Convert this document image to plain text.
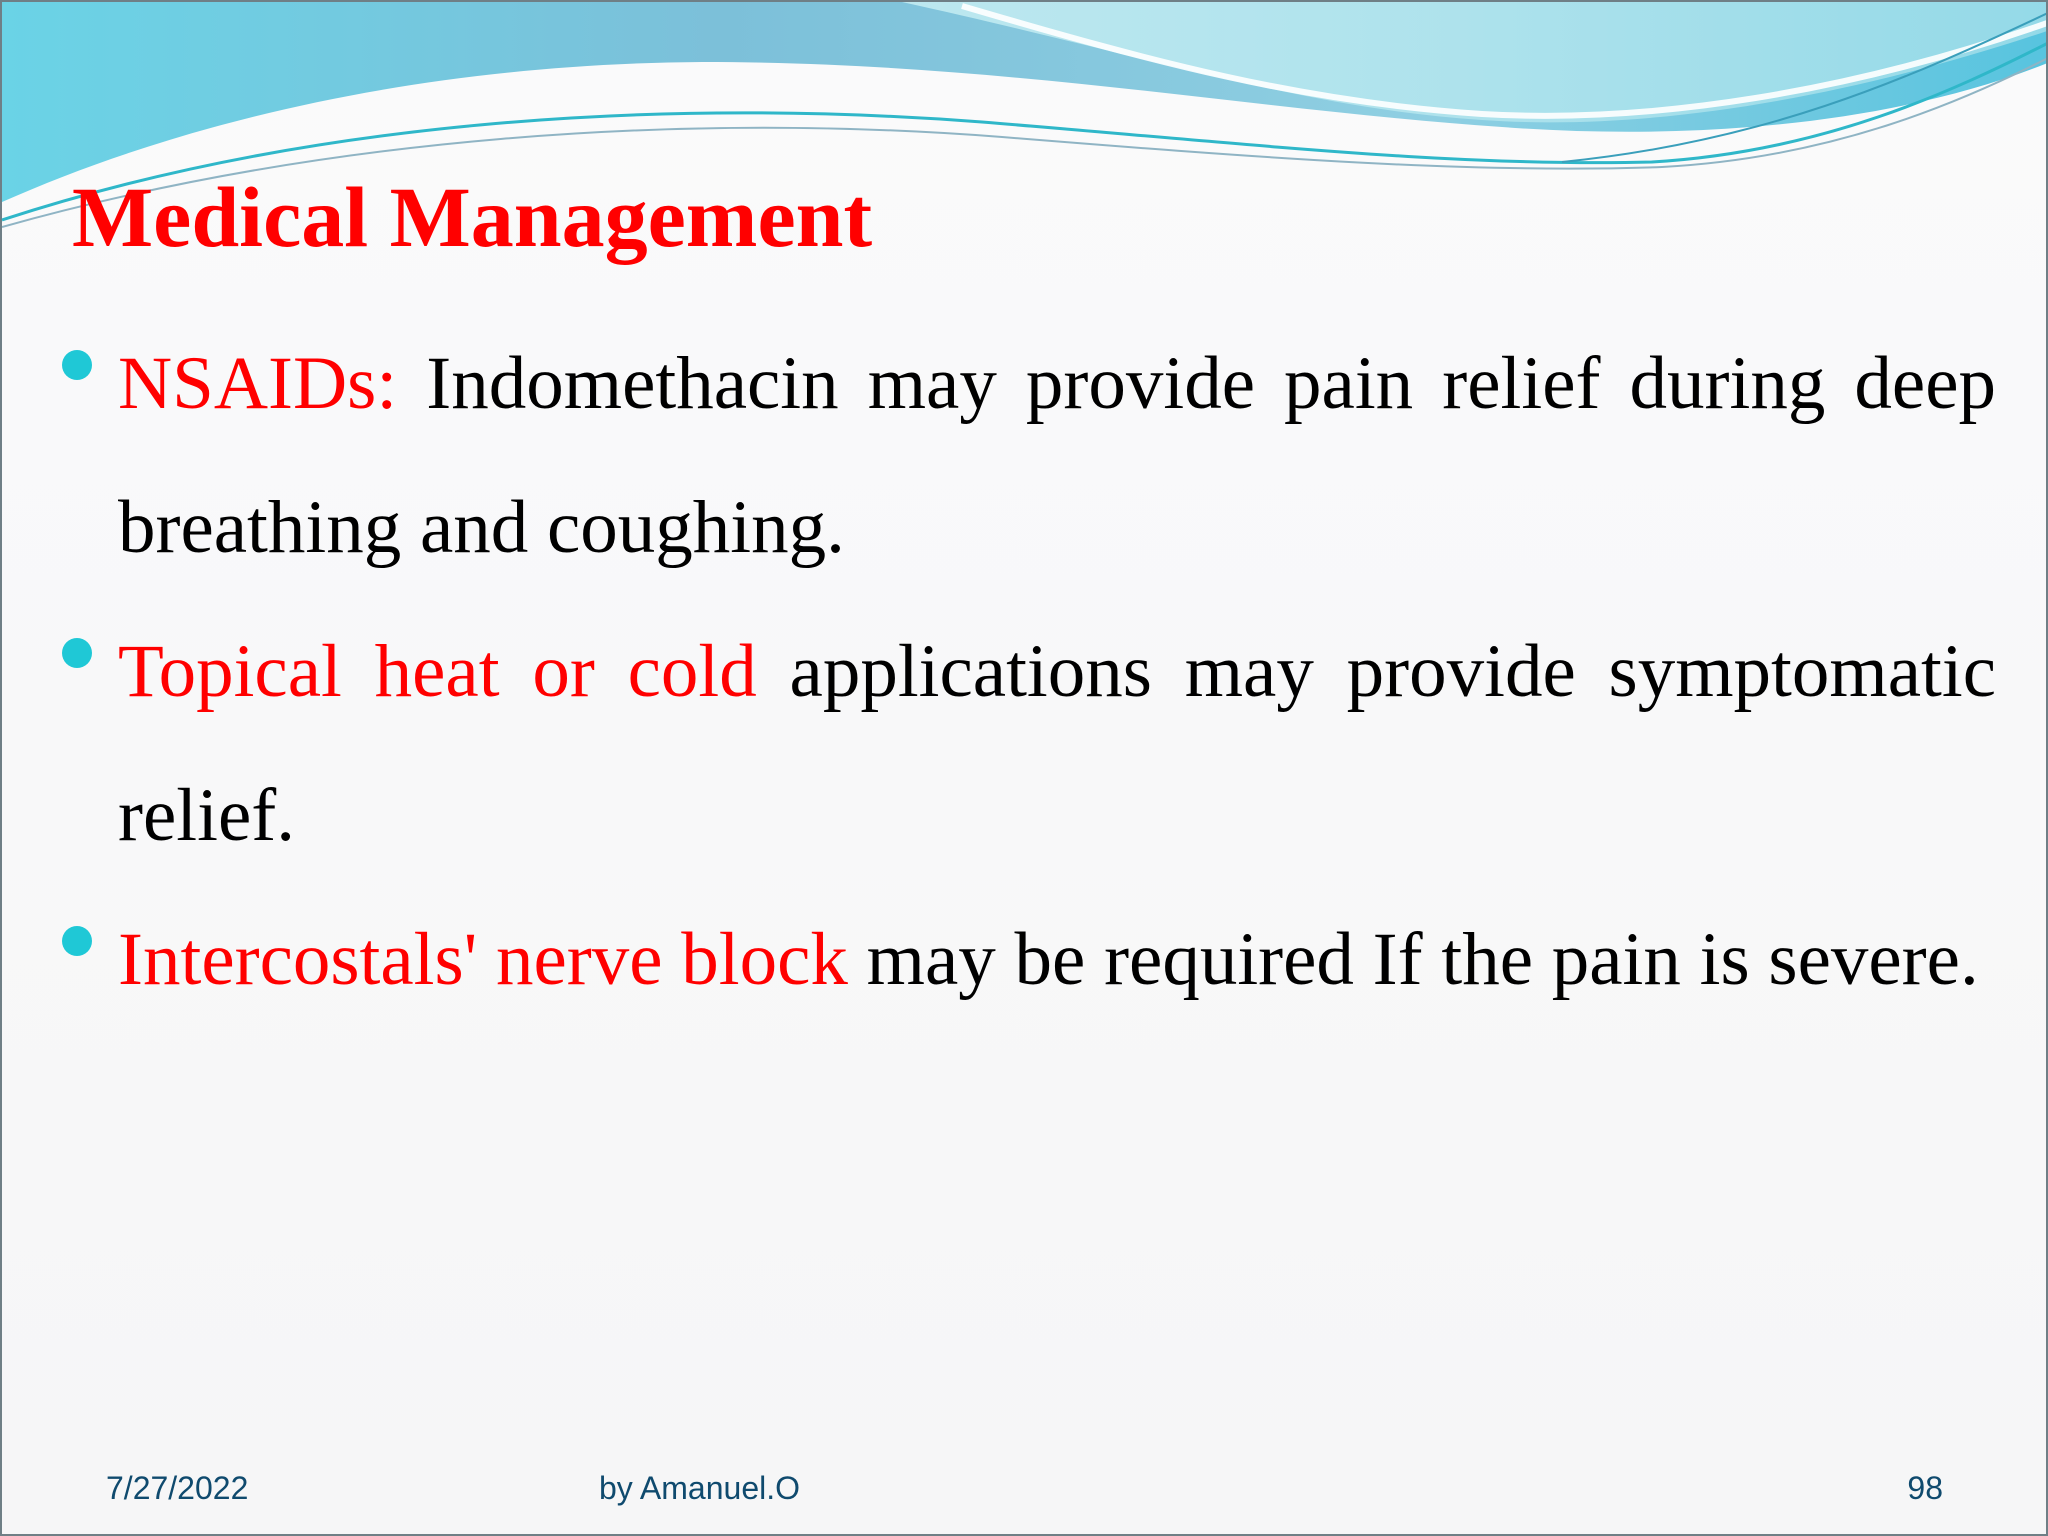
Medical Management

NSAIDs: Indomethacin may provide pain relief during deep breathing and coughing.

Topical heat or cold applications may provide symptomatic relief.

Intercostals' nerve block may be required If the pain is severe.

7/27/2022	by Amanuel.O	98
